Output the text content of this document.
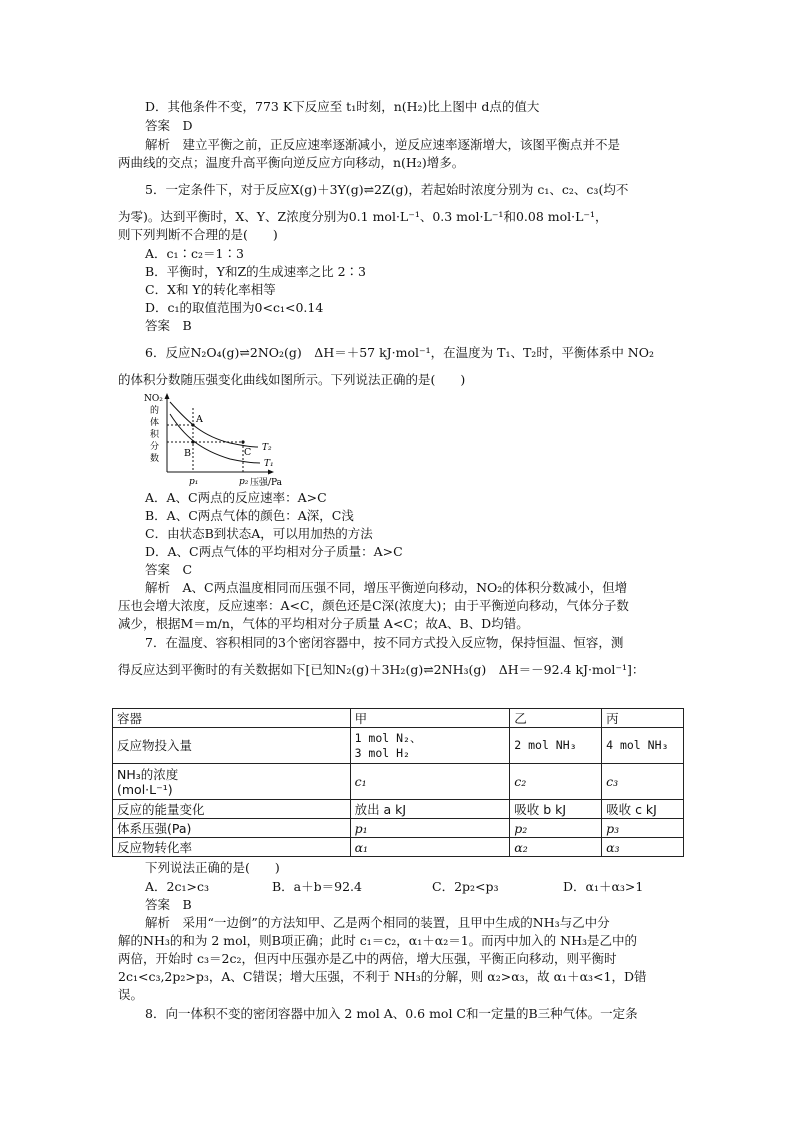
D．其他条件不变，773 K下反应至 t₁时刻，n(H₂)比上图中 d点的值大
答案　D
解析　建立平衡之前，正反应速率逐渐减小，逆反应速率逐渐增大，该图平衡点并不是
两曲线的交点；温度升高平衡向逆反应方向移动，n(H₂)增多。
5．一定条件下，对于反应X(g)＋3Y(g)⇌2Z(g)，若起始时浓度分别为 c₁、c₂、c₃(均不
为零)。达到平衡时，X、Y、Z浓度分别为0.1 mol·L⁻¹、0.3 mol·L⁻¹和0.08 mol·L⁻¹，
则下列判断不合理的是(　　)
A．c₁∶c₂＝1∶3
B．平衡时，Y和Z的生成速率之比 2∶3
C．X和 Y的转化率相等
D．c₁的取值范围为0<c₁<0.14
答案　B
6．反应N₂O₄(g)⇌2NO₂(g)　ΔH＝＋57 kJ·mol⁻¹，在温度为 T₁、T₂时，平衡体系中 NO₂
的体积分数随压强变化曲线如图所示。下列说法正确的是(　　)
NO₂ 的 体 积 分 数
A
B	C T₂
T₁
p₁	p₂ 压强/Pa
A．A、C两点的反应速率：A>C
B．A、C两点气体的颜色：A深，C浅
C．由状态B到状态A，可以用加热的方法
D．A、C两点气体的平均相对分子质量：A>C
答案　C
解析　A、C两点温度相同而压强不同，增压平衡逆向移动，NO₂的体积分数减小，但增
压也会增大浓度，反应速率：A<C，颜色还是C深(浓度大)；由于平衡逆向移动，气体分子数
减少，根据M＝m/n，气体的平均相对分子质量 A<C；故A、B、D均错。
7．在温度、容积相同的3个密闭容器中，按不同方式投入反应物，保持恒温、恒容，测
得反应达到平衡时的有关数据如下[已知N₂(g)＋3H₂(g)⇌2NH₃(g)　ΔH＝－92.4 kJ·mol⁻¹]：
容器	甲	乙	丙
反应物投入量	1 mol N₂、
3 mol H₂	2 mol NH₃	4 mol NH₃
NH₃的浓度
(mol·L⁻¹)	c₁	c₂	c₃
反应的能量变化	放出 a kJ	吸收 b kJ	吸收 c kJ
体系压强(Pa)	p₁	p₂	p₃
反应物转化率	α₁	α₂	α₃
下列说法正确的是(　　)
A．2c₁>c₃	B．a＋b＝92.4	C．2p₂<p₃	D．α₁＋α₃>1
答案　B
解析　采用“一边倒”的方法知甲、乙是两个相同的装置，且甲中生成的NH₃与乙中分
解的NH₃的和为 2 mol，则B项正确；此时 c₁＝c₂，α₁＋α₂＝1。而丙中加入的 NH₃是乙中的
两倍，开始时 c₃＝2c₂，但丙中压强亦是乙中的两倍，增大压强，平衡正向移动，则平衡时
2c₁<c₃,2p₂>p₃，A、C错误；增大压强，不利于 NH₃的分解，则 α₂>α₃，故 α₁＋α₃<1，D错
误。
8．向一体积不变的密闭容器中加入 2 mol A、0.6 mol C和一定量的B三种气体。一定条
